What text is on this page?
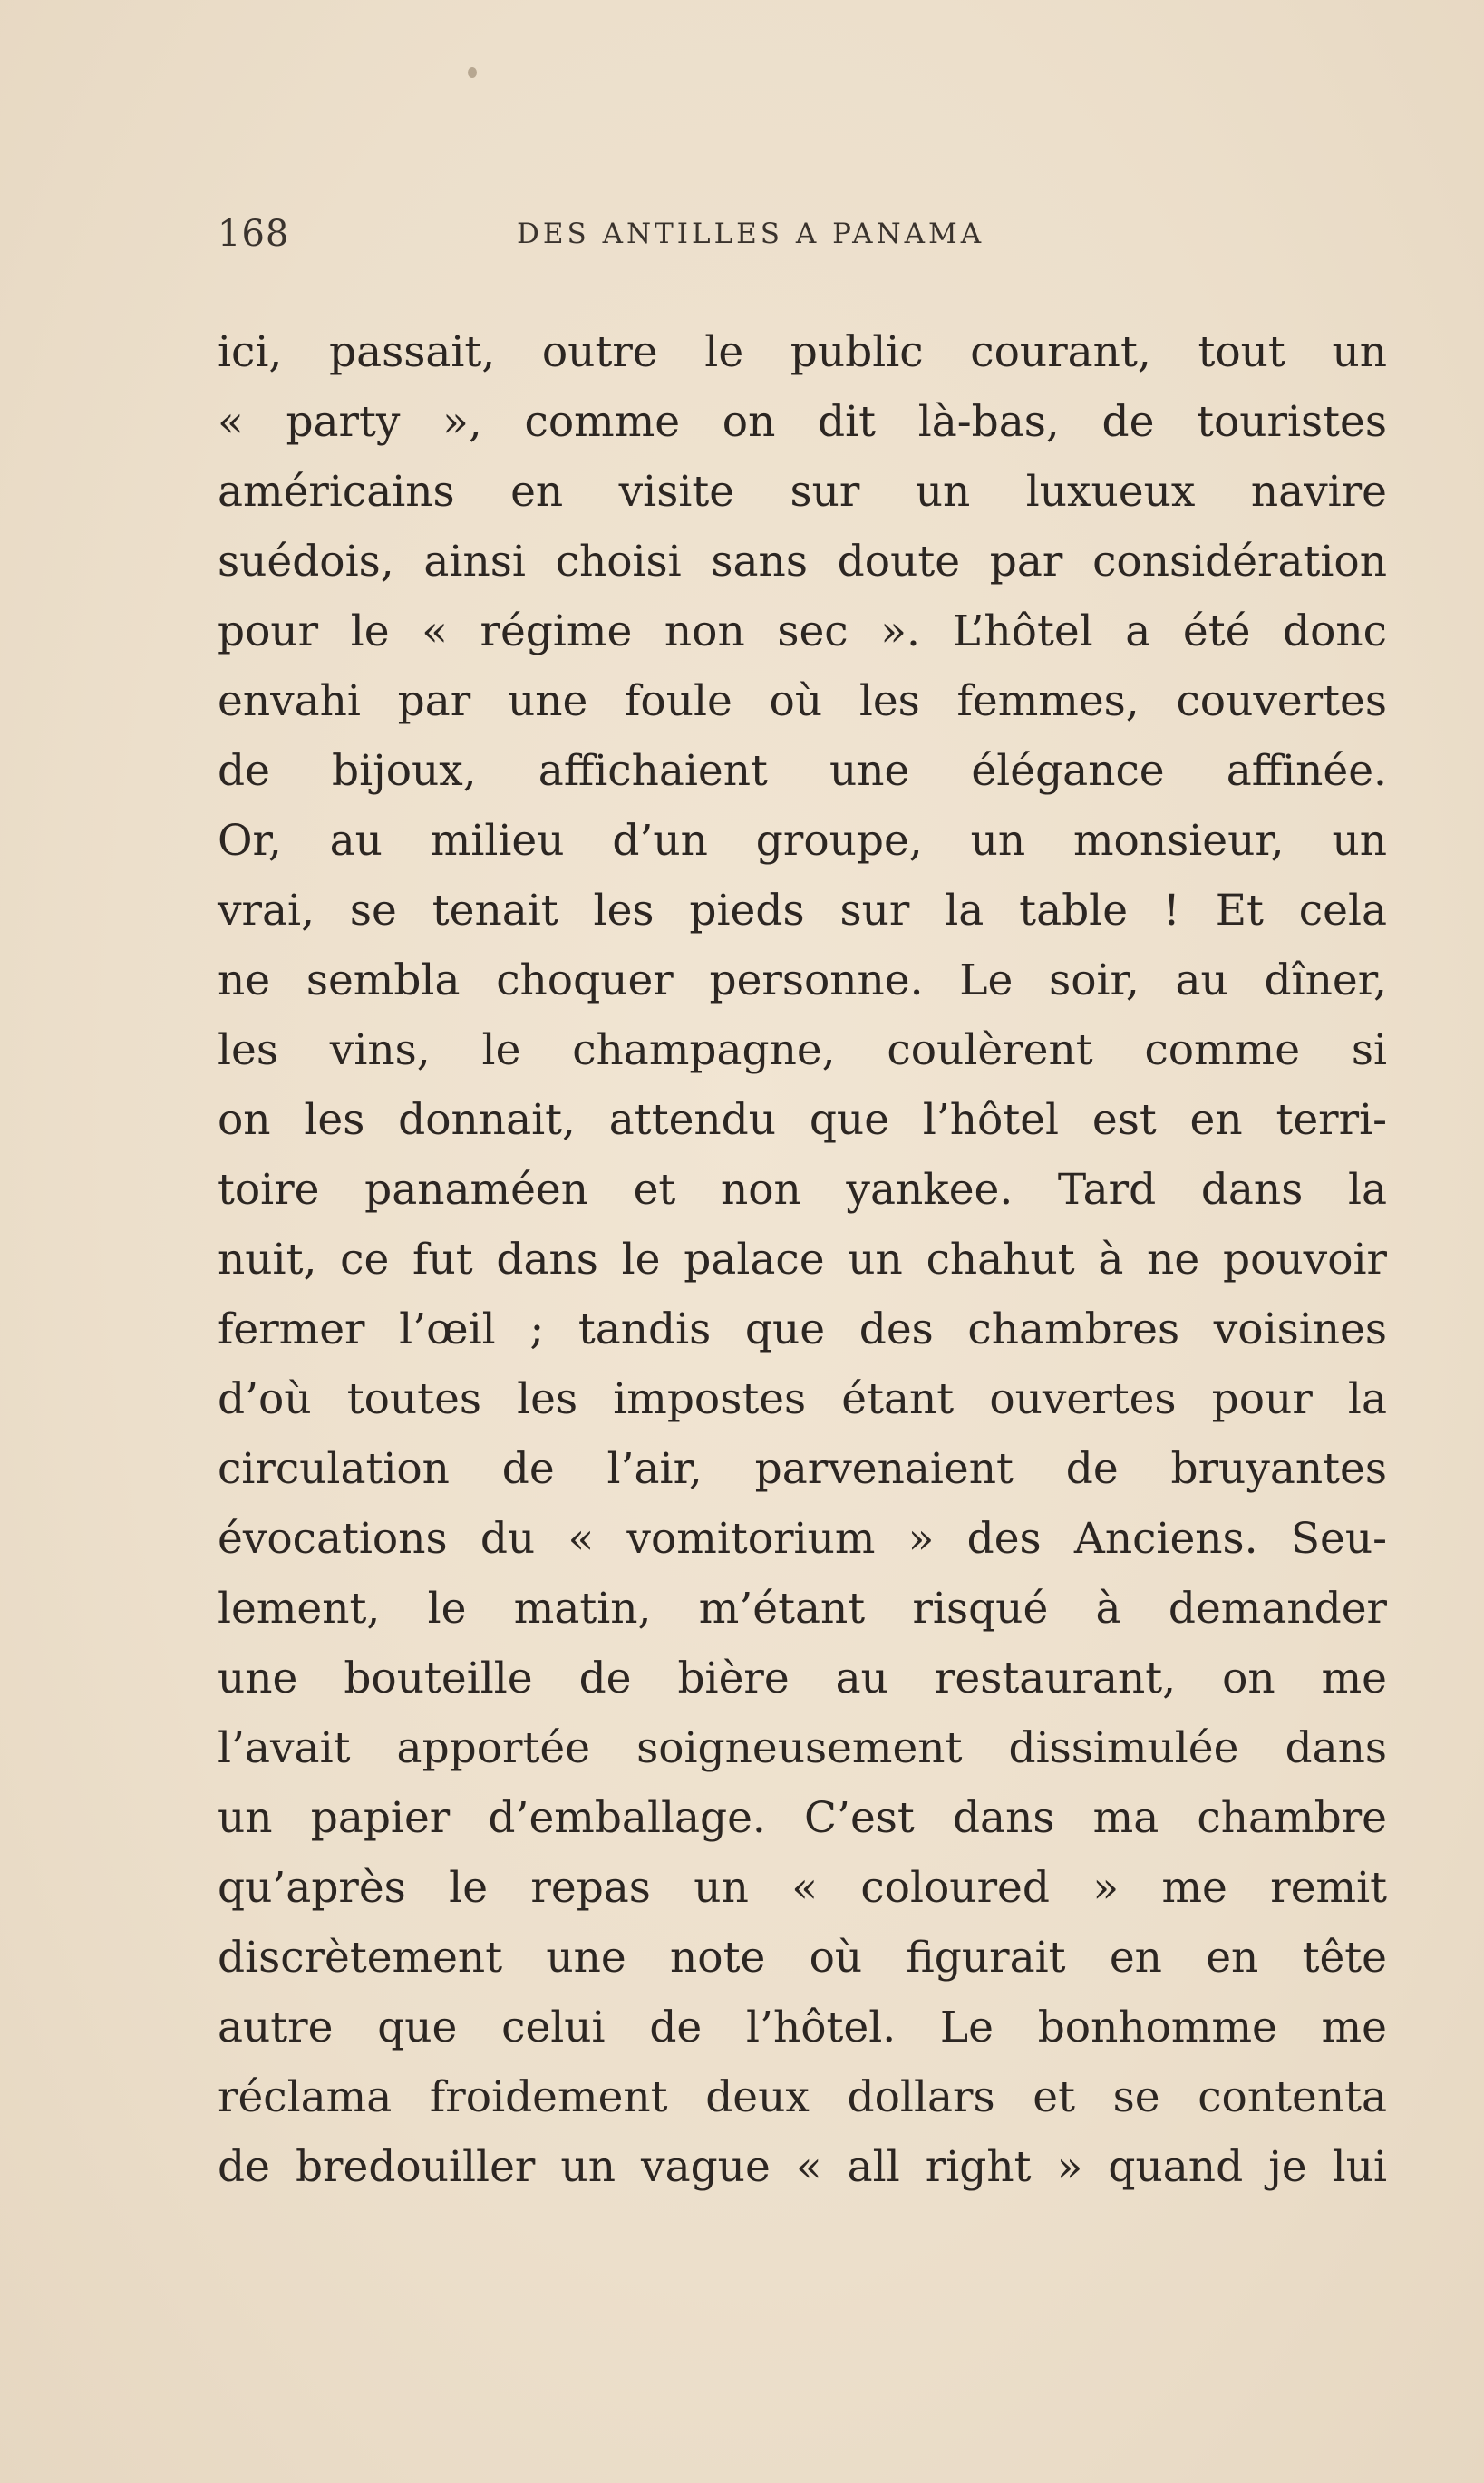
168	DES ANTILLES A PANAMA
ici, passait, outre le public courant, tout un
« party », comme on dit là-bas, de touristes
américains en visite sur un luxueux navire
suédois, ainsi choisi sans doute par considération
pour le « régime non sec ». L’hôtel a été donc
envahi par une foule où les femmes, couvertes
de bijoux, affichaient une élégance affinée.
Or, au milieu d’un groupe, un monsieur, un
vrai, se tenait les pieds sur la table ! Et cela
ne sembla choquer personne. Le soir, au dîner,
les vins, le champagne, coulèrent comme si
on les donnait, attendu que l’hôtel est en terri-
toire panaméen et non yankee. Tard dans la
nuit, ce fut dans le palace un chahut à ne pouvoir
fermer l’œil ; tandis que des chambres voisines
d’où toutes les impostes étant ouvertes pour la
circulation de l’air, parvenaient de bruyantes
évocations du « vomitorium » des Anciens. Seu-
lement, le matin, m’étant risqué à demander
une bouteille de bière au restaurant, on me
l’avait apportée soigneusement dissimulée dans
un papier d’emballage. C’est dans ma chambre
qu’après le repas un « coloured » me remit
discrètement une note où figurait en en tête
autre que celui de l’hôtel. Le bonhomme me
réclama froidement deux dollars et se contenta
de bredouiller un vague « all right » quand je lui
